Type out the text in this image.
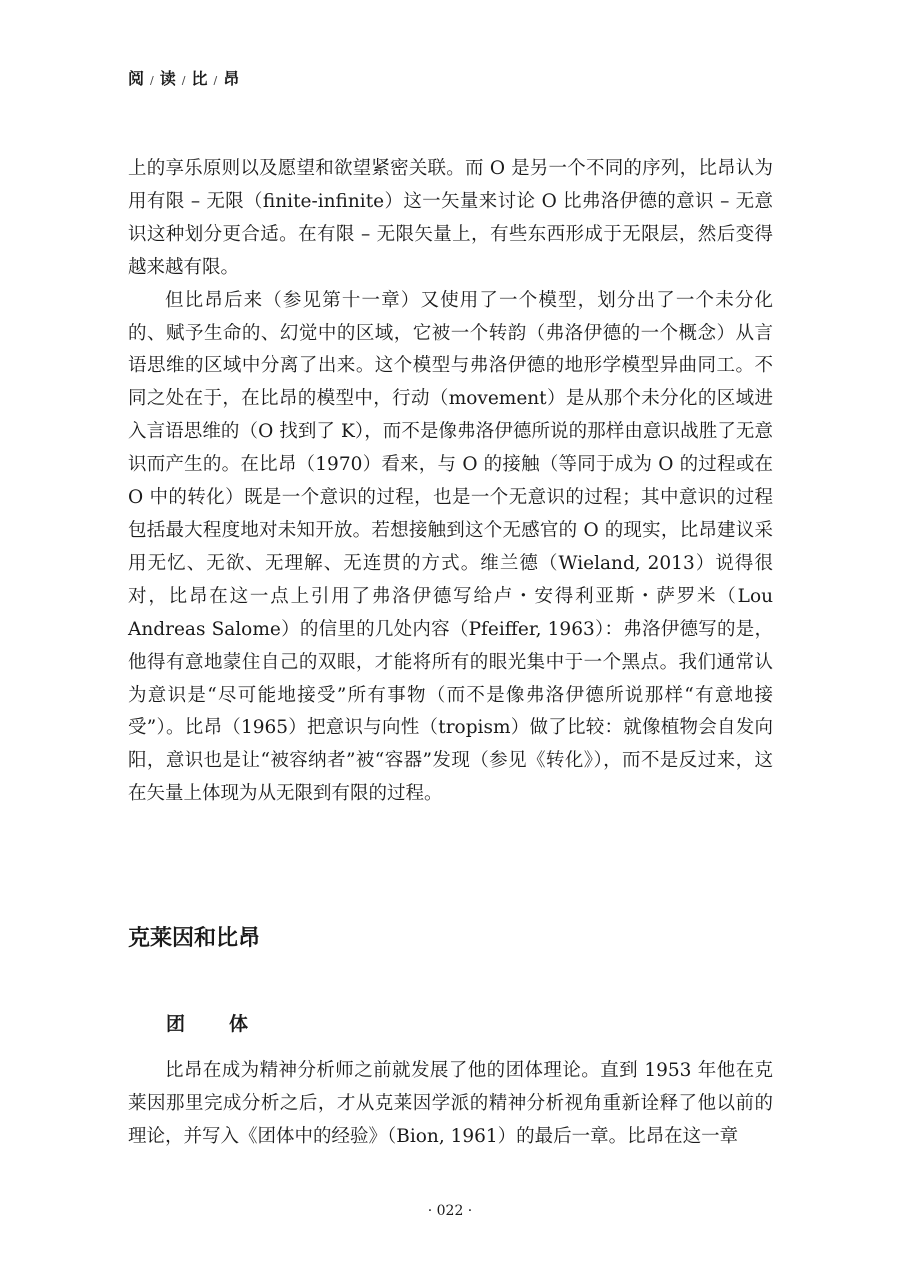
阅 ∕ 读 ∕ 比 ∕ 昂

上的享乐原则以及愿望和欲望紧密关联。而 O 是另一个不同的序列，比昂认为用有限 – 无限（finite-infinite）这一矢量来讨论 O 比弗洛伊德的意识 – 无意识这种划分更合适。在有限 – 无限矢量上，有些东西形成于无限层，然后变得越来越有限。

但比昂后来（参见第十一章）又使用了一个模型，划分出了一个未分化的、赋予生命的、幻觉中的区域，它被一个转韵（弗洛伊德的一个概念）从言语思维的区域中分离了出来。这个模型与弗洛伊德的地形学模型异曲同工。不同之处在于，在比昂的模型中，行动（movement）是从那个未分化的区域进入言语思维的（O 找到了 K），而不是像弗洛伊德所说的那样由意识战胜了无意识而产生的。在比昂（1970）看来，与 O 的接触（等同于成为 O 的过程或在 O 中的转化）既是一个意识的过程，也是一个无意识的过程；其中意识的过程包括最大程度地对未知开放。若想接触到这个无感官的 O 的现实，比昂建议采用无忆、无欲、无理解、无连贯的方式。维兰德（Wieland, 2013）说得很对，比昂在这一点上引用了弗洛伊德写给卢・安得利亚斯・萨罗米（Lou Andreas Salome）的信里的几处内容（Pfeiffer, 1963）：弗洛伊德写的是，他得有意地蒙住自己的双眼，才能将所有的眼光集中于一个黑点。我们通常认为意识是“尽可能地接受”所有事物（而不是像弗洛伊德所说那样“有意地接受”）。比昂（1965）把意识与向性（tropism）做了比较：就像植物会自发向阳，意识也是让“被容纳者”被“容器”发现（参见《转化》），而不是反过来，这在矢量上体现为从无限到有限的过程。

克莱因和比昂
团体

比昂在成为精神分析师之前就发展了他的团体理论。直到 1953 年他在克莱因那里完成分析之后，才从克莱因学派的精神分析视角重新诠释了他以前的理论，并写入《团体中的经验》（Bion, 1961）的最后一章。比昂在这一章

· 022 ·
